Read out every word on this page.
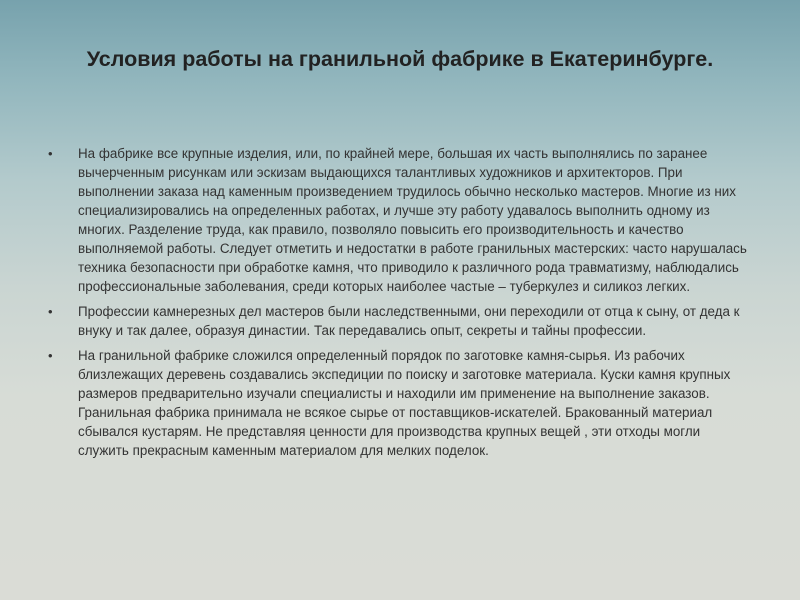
Условия работы на гранильной фабрике в Екатеринбурге.
• На фабрике все крупные изделия, или, по крайней мере, большая их часть выполнялись по заранее вычерченным рисункам или эскизам выдающихся талантливых художников и архитекторов. При выполнении заказа над каменным произведением трудилось обычно несколько мастеров. Многие из них специализировались на определенных работах, и лучше эту работу удавалось выполнить одному из многих. Разделение труда, как правило, позволяло повысить его производительность и качество выполняемой работы. Следует отметить и недостатки в работе гранильных мастерских: часто нарушалась техника безопасности при обработке камня, что приводило к различного рода травматизму, наблюдались профессиональные заболевания, среди которых наиболее частые – туберкулез и силикоз легких.
• Профессии камнерезных дел мастеров были наследственными, они переходили от отца к сыну, от деда к внуку и так далее, образуя династии. Так передавались опыт, секреты и тайны профессии.
• На гранильной фабрике сложился определенный порядок по заготовке камня-сырья. Из рабочих близлежащих деревень создавались экспедиции по поиску и заготовке материала. Куски камня крупных размеров предварительно изучали специалисты и находили им применение на выполнение заказов. Гранильная фабрика принимала не всякое сырье от поставщиков-искателей. Бракованный материал сбывался кустарям. Не представляя ценности для производства крупных вещей , эти отходы могли служить прекрасным каменным материалом для мелких поделок.
